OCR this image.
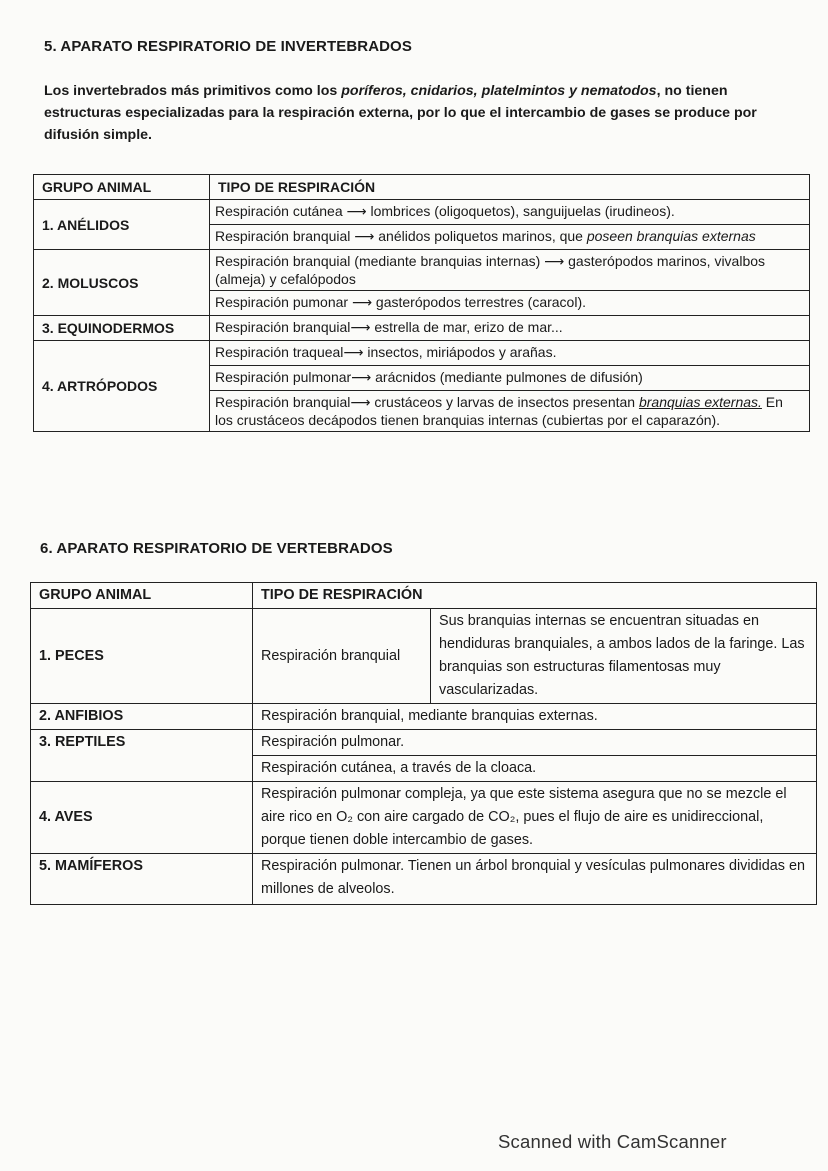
5. APARATO RESPIRATORIO DE INVERTEBRADOS
Los invertebrados más primitivos como los poríferos, cnidarios, platelmintos y nematodos, no tienen estructuras especializadas para la respiración externa, por lo que el intercambio de gases se produce por difusión simple.
GRUPO ANIMAL	TIPO DE RESPIRACIÓN
1. ANÉLIDOS	Respiración cutánea ⟶ lombrices (oligoquetos), sanguijuelas (irudineos).
	Respiración branquial ⟶ anélidos poliquetos marinos, que poseen branquias externas
2. MOLUSCOS	Respiración branquial (mediante branquias internas) ⟶ gasterópodos marinos, vivalbos (almeja) y cefalópodos
	Respiración pumonar ⟶ gasterópodos terrestres (caracol).
3. EQUINODERMOS	Respiración branquial⟶ estrella de mar, erizo de mar...
4. ARTRÓPODOS	Respiración traqueal⟶ insectos, miriápodos y arañas.
	Respiración pulmonar⟶ arácnidos (mediante pulmones de difusión)
	Respiración branquial⟶ crustáceos y larvas de insectos presentan branquias externas. En los crustáceos decápodos tienen branquias internas (cubiertas por el caparazón).
6. APARATO RESPIRATORIO DE VERTEBRADOS
GRUPO ANIMAL	TIPO DE RESPIRACIÓN	
1. PECES	Respiración branquial	Sus branquias internas se encuentran situadas en hendiduras branquiales, a ambos lados de la faringe. Las branquias son estructuras filamentosas muy vascularizadas.
2. ANFIBIOS	Respiración branquial, mediante branquias externas.	
3. REPTILES	Respiración pulmonar.	
	Respiración cutánea, a través de la cloaca.	
4. AVES	Respiración pulmonar compleja, ya que este sistema asegura que no se mezcle el aire rico en O₂ con aire cargado de CO₂, pues el flujo de aire es unidireccional, porque tienen doble intercambio de gases.	
5. MAMÍFEROS	Respiración pulmonar. Tienen un árbol bronquial y vesículas pulmonares divididas en millones de alveolos.	
Scanned with CamScanner
